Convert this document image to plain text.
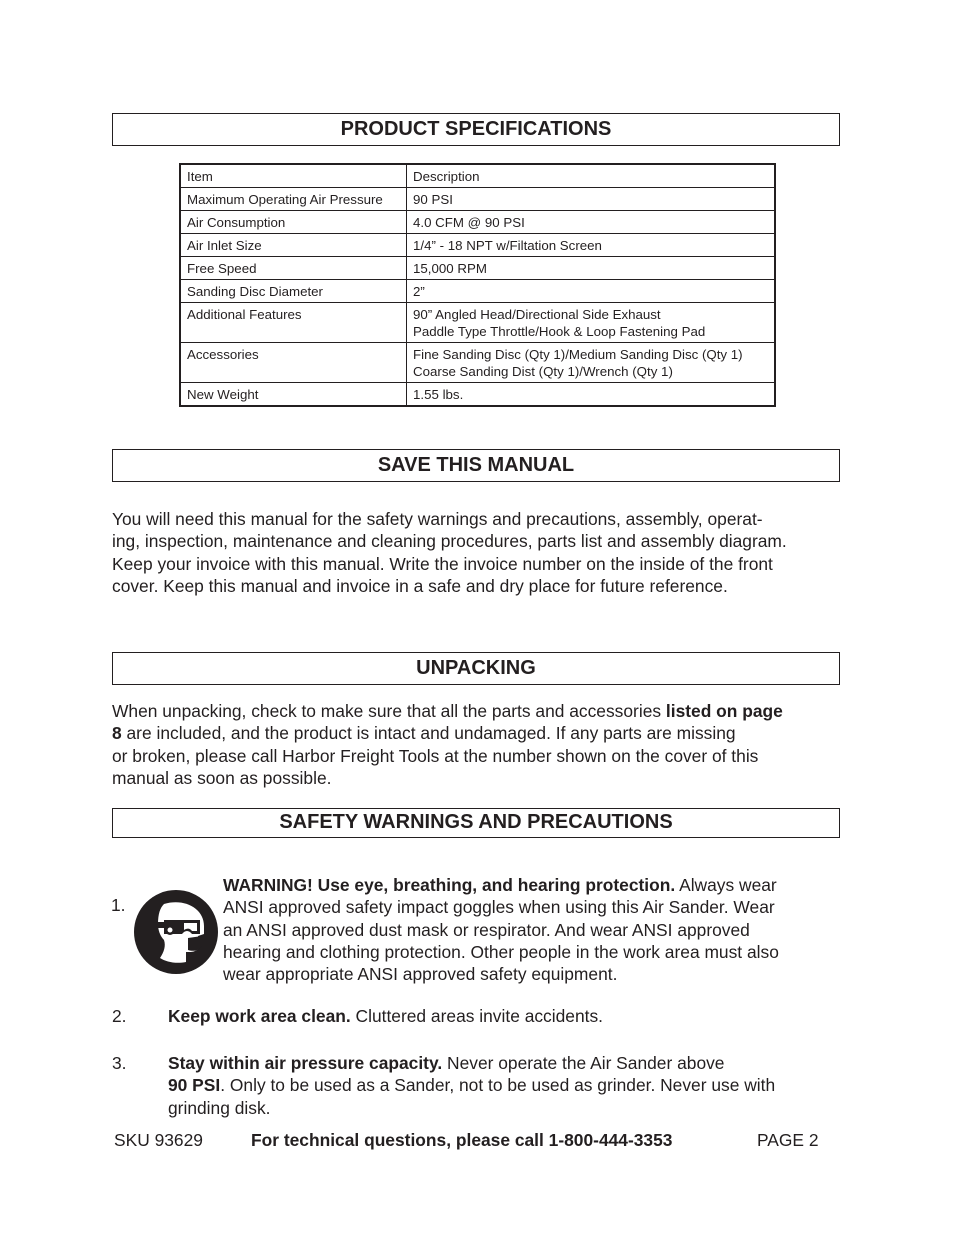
PRODUCT SPECIFICATIONS
Item	Description
Maximum Operating Air Pressure	90 PSI
Air Consumption	4.0 CFM @ 90 PSI
Air Inlet Size	1/4” - 18 NPT w/Filtation Screen
Free Speed	15,000 RPM
Sanding Disc Diameter	2”
Additional Features	90” Angled Head/Directional Side Exhaust
Paddle Type Throttle/Hook & Loop Fastening Pad
Accessories	Fine Sanding Disc (Qty 1)/Medium Sanding Disc (Qty 1)
Coarse Sanding Dist (Qty 1)/Wrench (Qty 1)
New Weight	1.55 lbs.
SAVE THIS MANUAL

You will need this manual for the safety warnings and precautions, assembly, operat-
ing, inspection, maintenance and cleaning procedures, parts list and assembly diagram.
Keep your invoice with this manual. Write the invoice number on the inside of the front
cover. Keep this manual and invoice in a safe and dry place for future reference.

UNPACKING

When unpacking, check to make sure that all the parts and accessories listed on page
8 are included, and the product is intact and undamaged. If any parts are missing
or broken, please call Harbor Freight Tools at the number shown on the cover of this
manual as soon as possible.

SAFETY WARNINGS AND PRECAUTIONS
1.

WARNING! Use eye, breathing, and hearing protection. Always wear
ANSI approved safety impact goggles when using this Air Sander. Wear
an ANSI approved dust mask or respirator. And wear ANSI approved
hearing and clothing protection. Other people in the work area must also
wear appropriate ANSI approved safety equipment.

2. Keep work area clean. Cluttered areas invite accidents.

3. Stay within air pressure capacity. Never operate the Air Sander above
90 PSI. Only to be used as a Sander, not to be used as grinder. Never use with
grinding disk.

SKU 93629	For technical questions, please call 1-800-444-3353	PAGE 2
